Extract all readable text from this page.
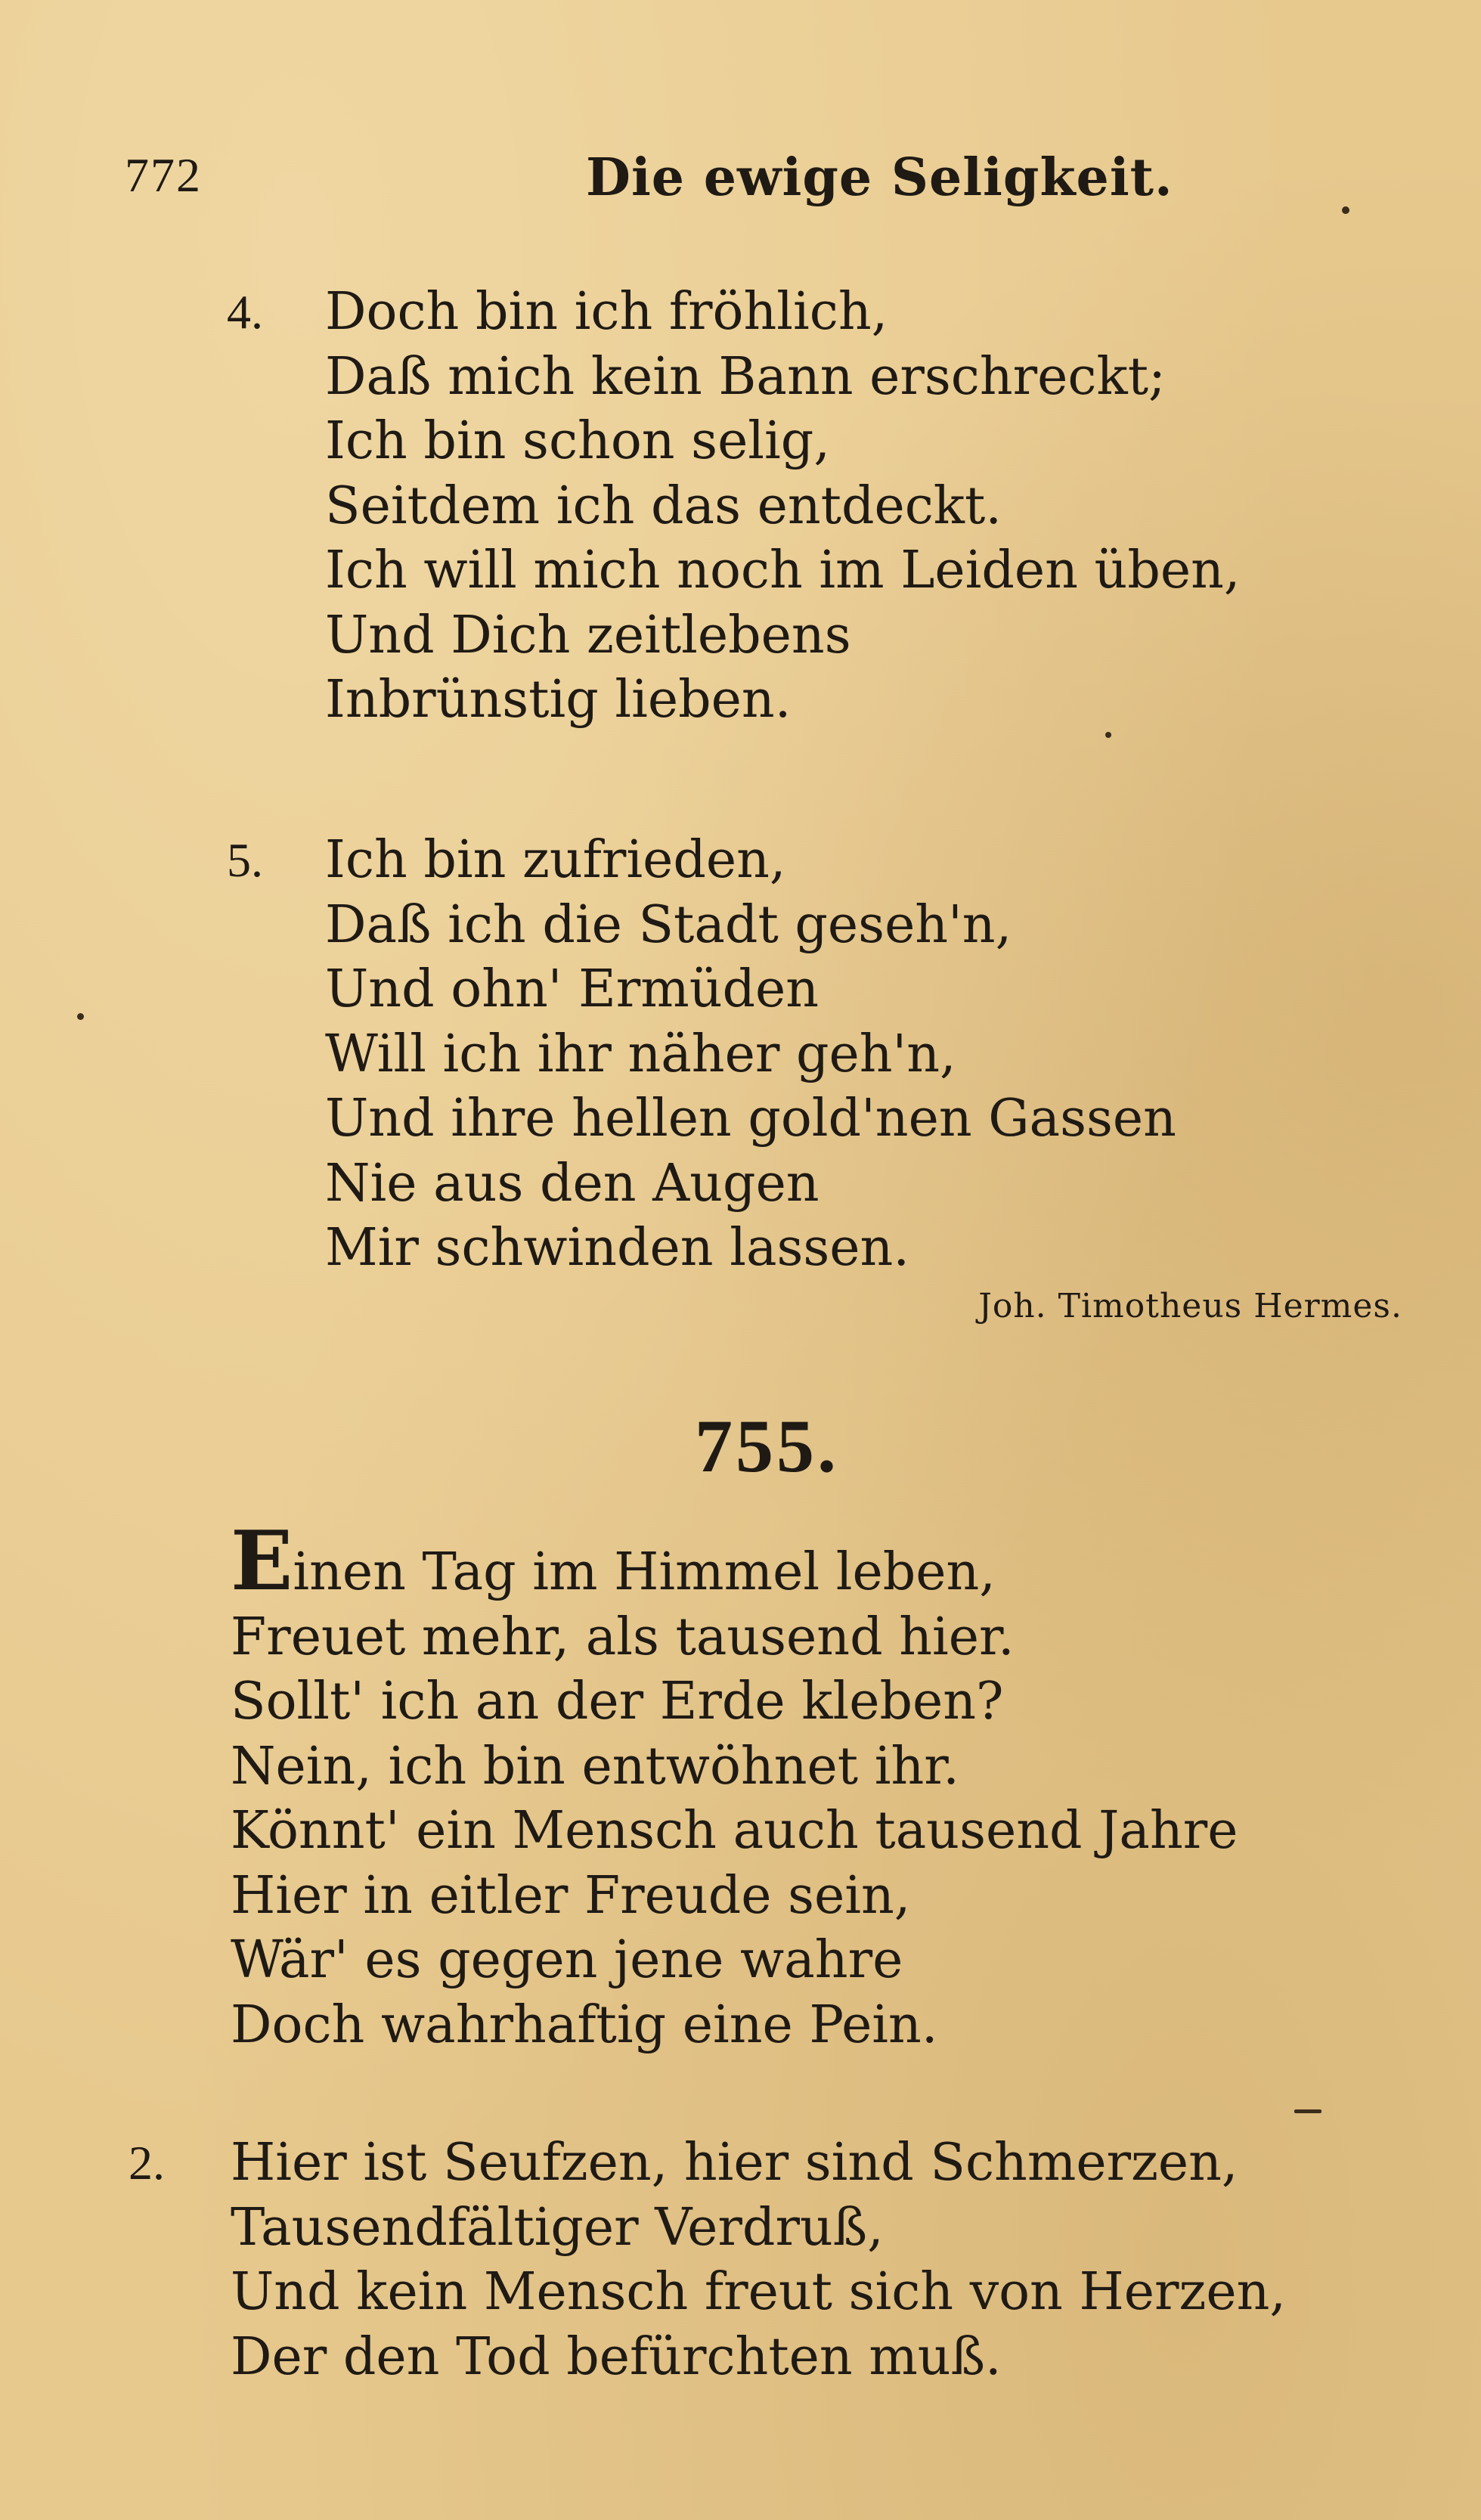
772	Die ewige Seligkeit.
4. Doch bin ich fröhlich,
Daß mich kein Bann erschreckt;
Ich bin schon selig,
Seitdem ich das entdeckt.
Ich will mich noch im Leiden üben,
Und Dich zeitlebens
Inbrünstig lieben.
5. Ich bin zufrieden,
Daß ich die Stadt geseh'n,
Und ohn' Ermüden
Will ich ihr näher geh'n,
Und ihre hellen gold'nen Gassen
Nie aus den Augen
Mir schwinden lassen.
Joh. Timotheus Hermes.
755.
Einen Tag im Himmel leben,
Freuet mehr, als tausend hier.
Sollt' ich an der Erde kleben?
Nein, ich bin entwöhnet ihr.
Könnt' ein Mensch auch tausend Jahre
Hier in eitler Freude sein,
Wär' es gegen jene wahre
Doch wahrhaftig eine Pein.
2. Hier ist Seufzen, hier sind Schmerzen,
Tausendfältiger Verdruß,
Und kein Mensch freut sich von Herzen,
Der den Tod befürchten muß.
